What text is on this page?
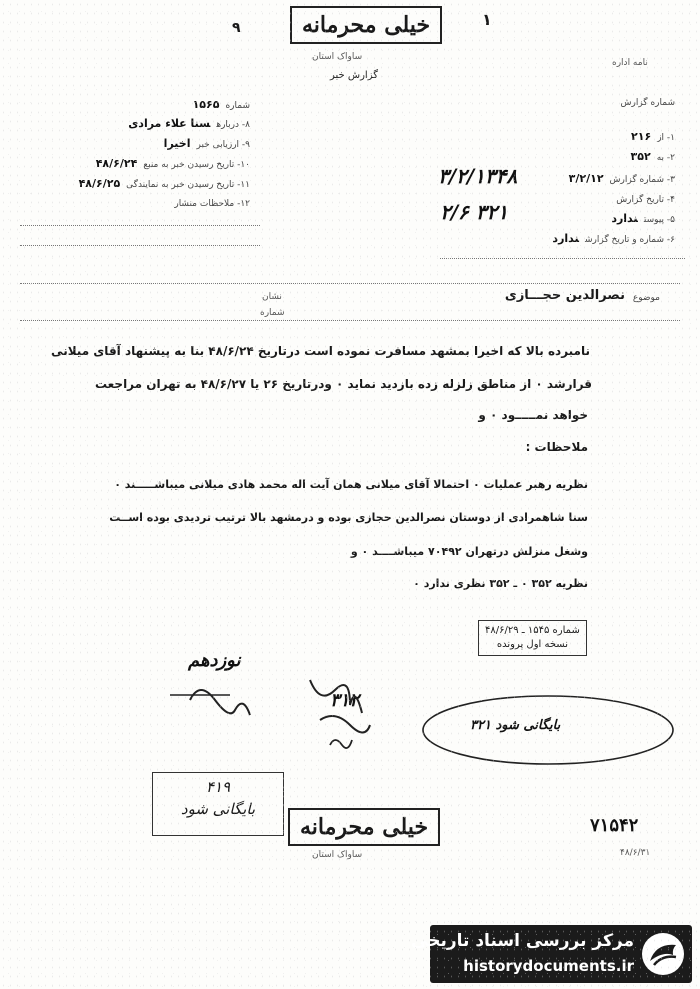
۱
۹	خیلی محرمانه
ساواک استان
گزارش خبر
نامه اداره
شماره۱۵۶۵
۸- دربارهسنا علاء مرادی
۹- ارزیابی خبراخیرا
۱۰- تاریخ رسیدن خبر به منبع۴۸/۶/۲۴
۱۱- تاریخ رسیدن خبر به نمایندگی۴۸/۶/۲۵
۱۲- ملاحظات منشار
شماره گزارش
۱- از۲۱۶
۲- به۳۵۲
۳- شماره گزارش۳/۲/۱۲
۴- تاریخ گزارش
۵- پیوستندارد
۶- شماره و تاریخ گزارشندارد
۳/۲/۱۳۴۸
۳۲۱ ۲/۶
موضوع
نصرالدین حجـــازی
نشان
شماره
نامبرده بالا که اخیرا بمشهد مسافرت نموده است درتاریخ ۴۸/۶/۲۴ بنا به پیشنهاد آقای میلانی
قرارشد ۰ از مناطق زلزله زده بازدید نماید ۰ ودرتاریخ ۲۶ یا ۴۸/۶/۲۷ به تهران مراجعت
خواهد نمـــــود ۰ و
ملاحظات :
نظریه رهبر عملیات ۰ احتمالا آقای میلانی همان آیت اله محمد هادی میلانی میباشـــــند ۰
سنا شاهمرادی از دوستان نصرالدین حجازی بوده و درمشهد بالا ترتیب تردیدی بوده اســت
وشغل منزلش درتهران ۷۰۴۹۲ میباشــــد ۰ و
نظریه ۳۵۲ ۰ ـ ۳۵۲ نظری ندارد ۰
شماره ۱۵۴۵ ـ ۴۸/۶/۲۹
نسخه اول پرونده
نوزدهم
۳۱۲
بایگانی شود ۳۲۱
۴۱۹
بایگانی شود
خیلی محرمانه
ساواک استان
۷۱۵۴۲
۴۸/۶/۳۱
مرکز بررسی اسناد تاریخی
historydocuments.ir
